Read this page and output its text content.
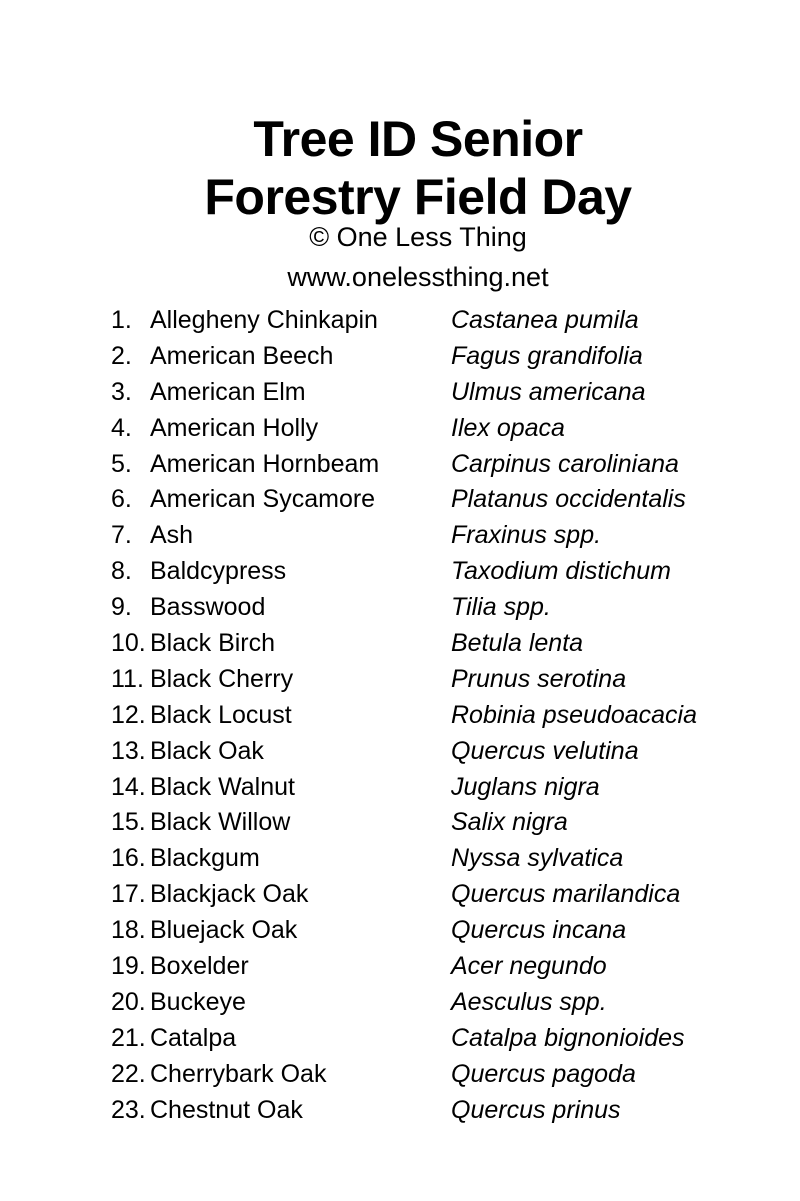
Tree ID Senior
Forestry Field Day
© One Less Thing
www.onelessthing.net
1. Allegheny Chinkapin	Castanea pumila
2. American Beech	Fagus grandifolia
3. American Elm	Ulmus americana
4. American Holly	Ilex opaca
5. American Hornbeam	Carpinus caroliniana
6. American Sycamore	Platanus occidentalis
7. Ash	Fraxinus spp.
8. Baldcypress	Taxodium distichum
9. Basswood	Tilia spp.
10. Black Birch	Betula lenta
11. Black Cherry	Prunus serotina
12. Black Locust	Robinia pseudoacacia
13. Black Oak	Quercus velutina
14. Black Walnut	Juglans nigra
15. Black Willow	Salix nigra
16. Blackgum	Nyssa sylvatica
17. Blackjack Oak	Quercus marilandica
18. Bluejack Oak	Quercus incana
19. Boxelder	Acer negundo
20. Buckeye	Aesculus spp.
21. Catalpa	Catalpa bignonioides
22. Cherrybark Oak	Quercus pagoda
23. Chestnut Oak	Quercus prinus
